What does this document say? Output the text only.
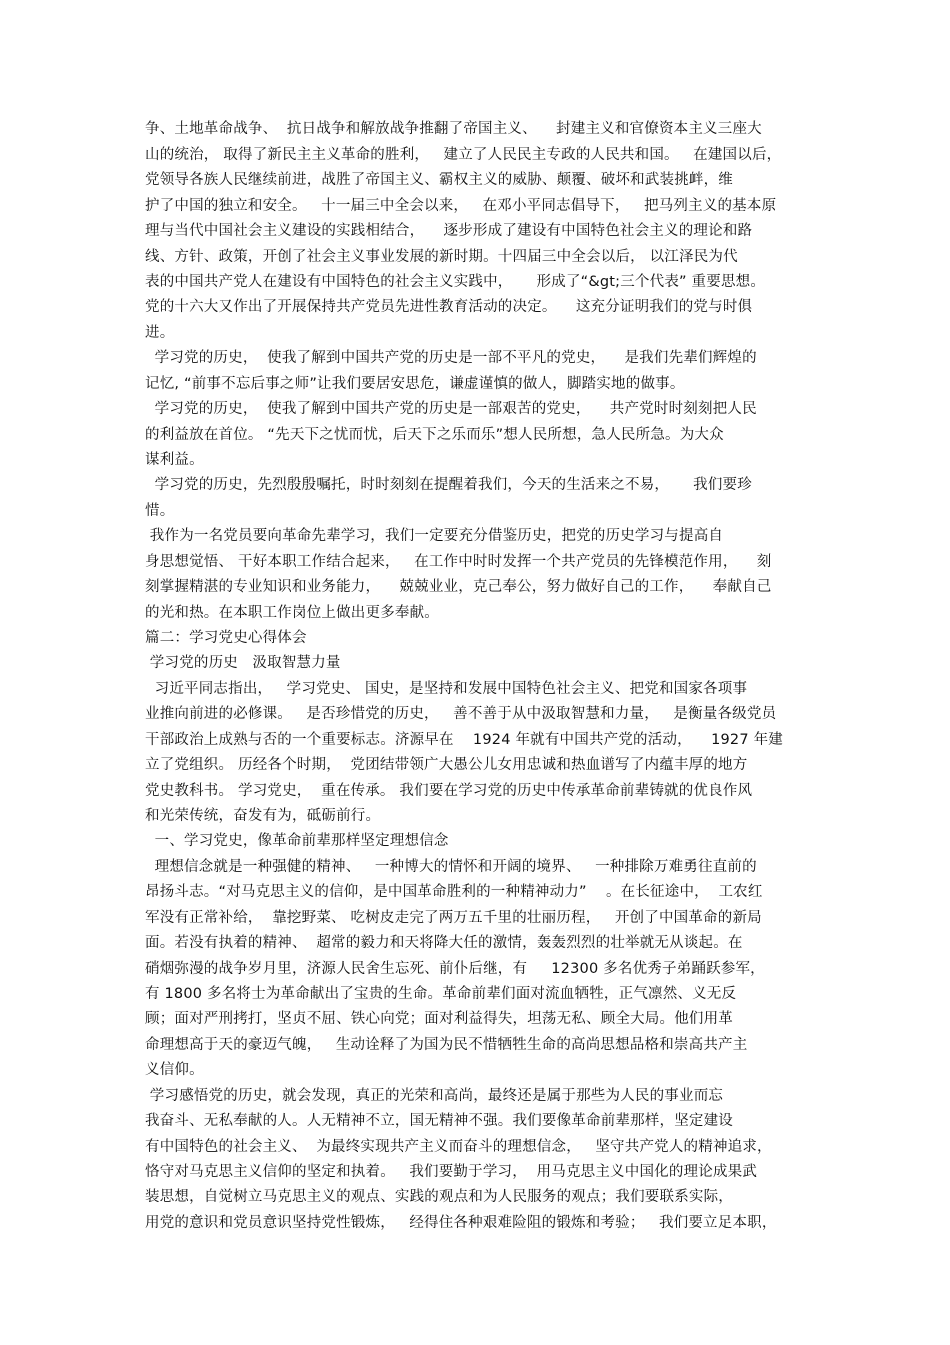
争、土地革命战争、  抗日战争和解放战争推翻了帝国主义、    封建主义和官僚资本主义三座大
山的统治， 取得了新民主主义革命的胜利，   建立了人民民主专政的人民共和国。   在建国以后，
党领导各族人民继续前进，战胜了帝国主义、霸权主义的威胁、颠覆、破坏和武装挑衅，维
护了中国的独立和安全。   十一届三中全会以来，   在邓小平同志倡导下，   把马列主义的基本原
理与当代中国社会主义建设的实践相结合，    逐步形成了建设有中国特色社会主义的理论和路
线、方针、政策，开创了社会主义事业发展的新时期。十四届三中全会以后， 以江泽民为代
表的中国共产党人在建设有中国特色的社会主义实践中，     形成了“&gt;三个代表” 重要思想。
党的十六大又作出了开展保持共产党员先进性教育活动的决定。    这充分证明我们的党与时俱
进。
学习党的历史，  使我了解到中国共产党的历史是一部不平凡的党史，    是我们先辈们辉煌的
记忆, “前事不忘后事之师”让我们要居安思危，谦虚谨慎的做人，脚踏实地的做事。
学习党的历史，  使我了解到中国共产党的历史是一部艰苦的党史，    共产党时时刻刻把人民
的利益放在首位。 “先天下之忧而忧，后天下之乐而乐”想人民所想，急人民所急。为大众
谋利益。
学习党的历史，先烈殷殷嘱托，时时刻刻在提醒着我们，今天的生活来之不易，     我们要珍
惜。
我作为一名党员要向革命先辈学习，我们一定要充分借鉴历史，把党的历史学习与提高自
身思想觉悟、 干好本职工作结合起来，   在工作中时时发挥一个共产党员的先锋模范作用，    刻
刻掌握精湛的专业知识和业务能力，    兢兢业业，克己奉公，努力做好自己的工作，    奉献自己
的光和热。在本职工作岗位上做出更多奉献。
篇二：学习党史心得体会
学习党的历史   汲取智慧力量
习近平同志指出，   学习党史、 国史，是坚持和发展中国特色社会主义、把党和国家各项事
业推向前进的必修课。   是否珍惜党的历史，   善不善于从中汲取智慧和力量，   是衡量各级党员
干部政治上成熟与否的一个重要标志。济源早在    1924 年就有中国共产党的活动，    1927 年建
立了党组织。 历经各个时期，  党团结带领广大愚公儿女用忠诚和热血谱写了内蕴丰厚的地方
党史教科书。 学习党史，  重在传承。 我们要在学习党的历史中传承革命前辈铸就的优良作风
和光荣传统，奋发有为，砥砺前行。
一、学习党史，像革命前辈那样坚定理想信念
理想信念就是一种强健的精神、   一种博大的情怀和开阔的境界、   一种排除万难勇往直前的
昂扬斗志。“对马克思主义的信仰，是中国革命胜利的一种精神动力”    。在长征途中，  工农红
军没有正常补给，  靠挖野菜、 吃树皮走完了两万五千里的壮丽历程，   开创了中国革命的新局
面。若没有执着的精神、  超常的毅力和天将降大任的激情，轰轰烈烈的壮举就无从谈起。在
硝烟弥漫的战争岁月里，济源人民舍生忘死、前仆后继，有     12300 多名优秀子弟踊跃参军，
有 1800 多名将士为革命献出了宝贵的生命。革命前辈们面对流血牺牲，正气凛然、义无反
顾；面对严刑拷打，坚贞不屈、铁心向党；面对利益得失，坦荡无私、顾全大局。他们用革
命理想高于天的豪迈气魄，   生动诠释了为国为民不惜牺牲生命的高尚思想品格和崇高共产主
义信仰。
学习感悟党的历史，就会发现，真正的光荣和高尚，最终还是属于那些为人民的事业而忘
我奋斗、无私奉献的人。人无精神不立，国无精神不强。我们要像革命前辈那样，坚定建设
有中国特色的社会主义、  为最终实现共产主义而奋斗的理想信念，   坚守共产党人的精神追求，
恪守对马克思主义信仰的坚定和执着。   我们要勤于学习，  用马克思主义中国化的理论成果武
装思想，自觉树立马克思主义的观点、实践的观点和为人民服务的观点；我们要联系实际，
用党的意识和党员意识坚持党性锻炼，   经得住各种艰难险阻的锻炼和考验；   我们要立足本职，
